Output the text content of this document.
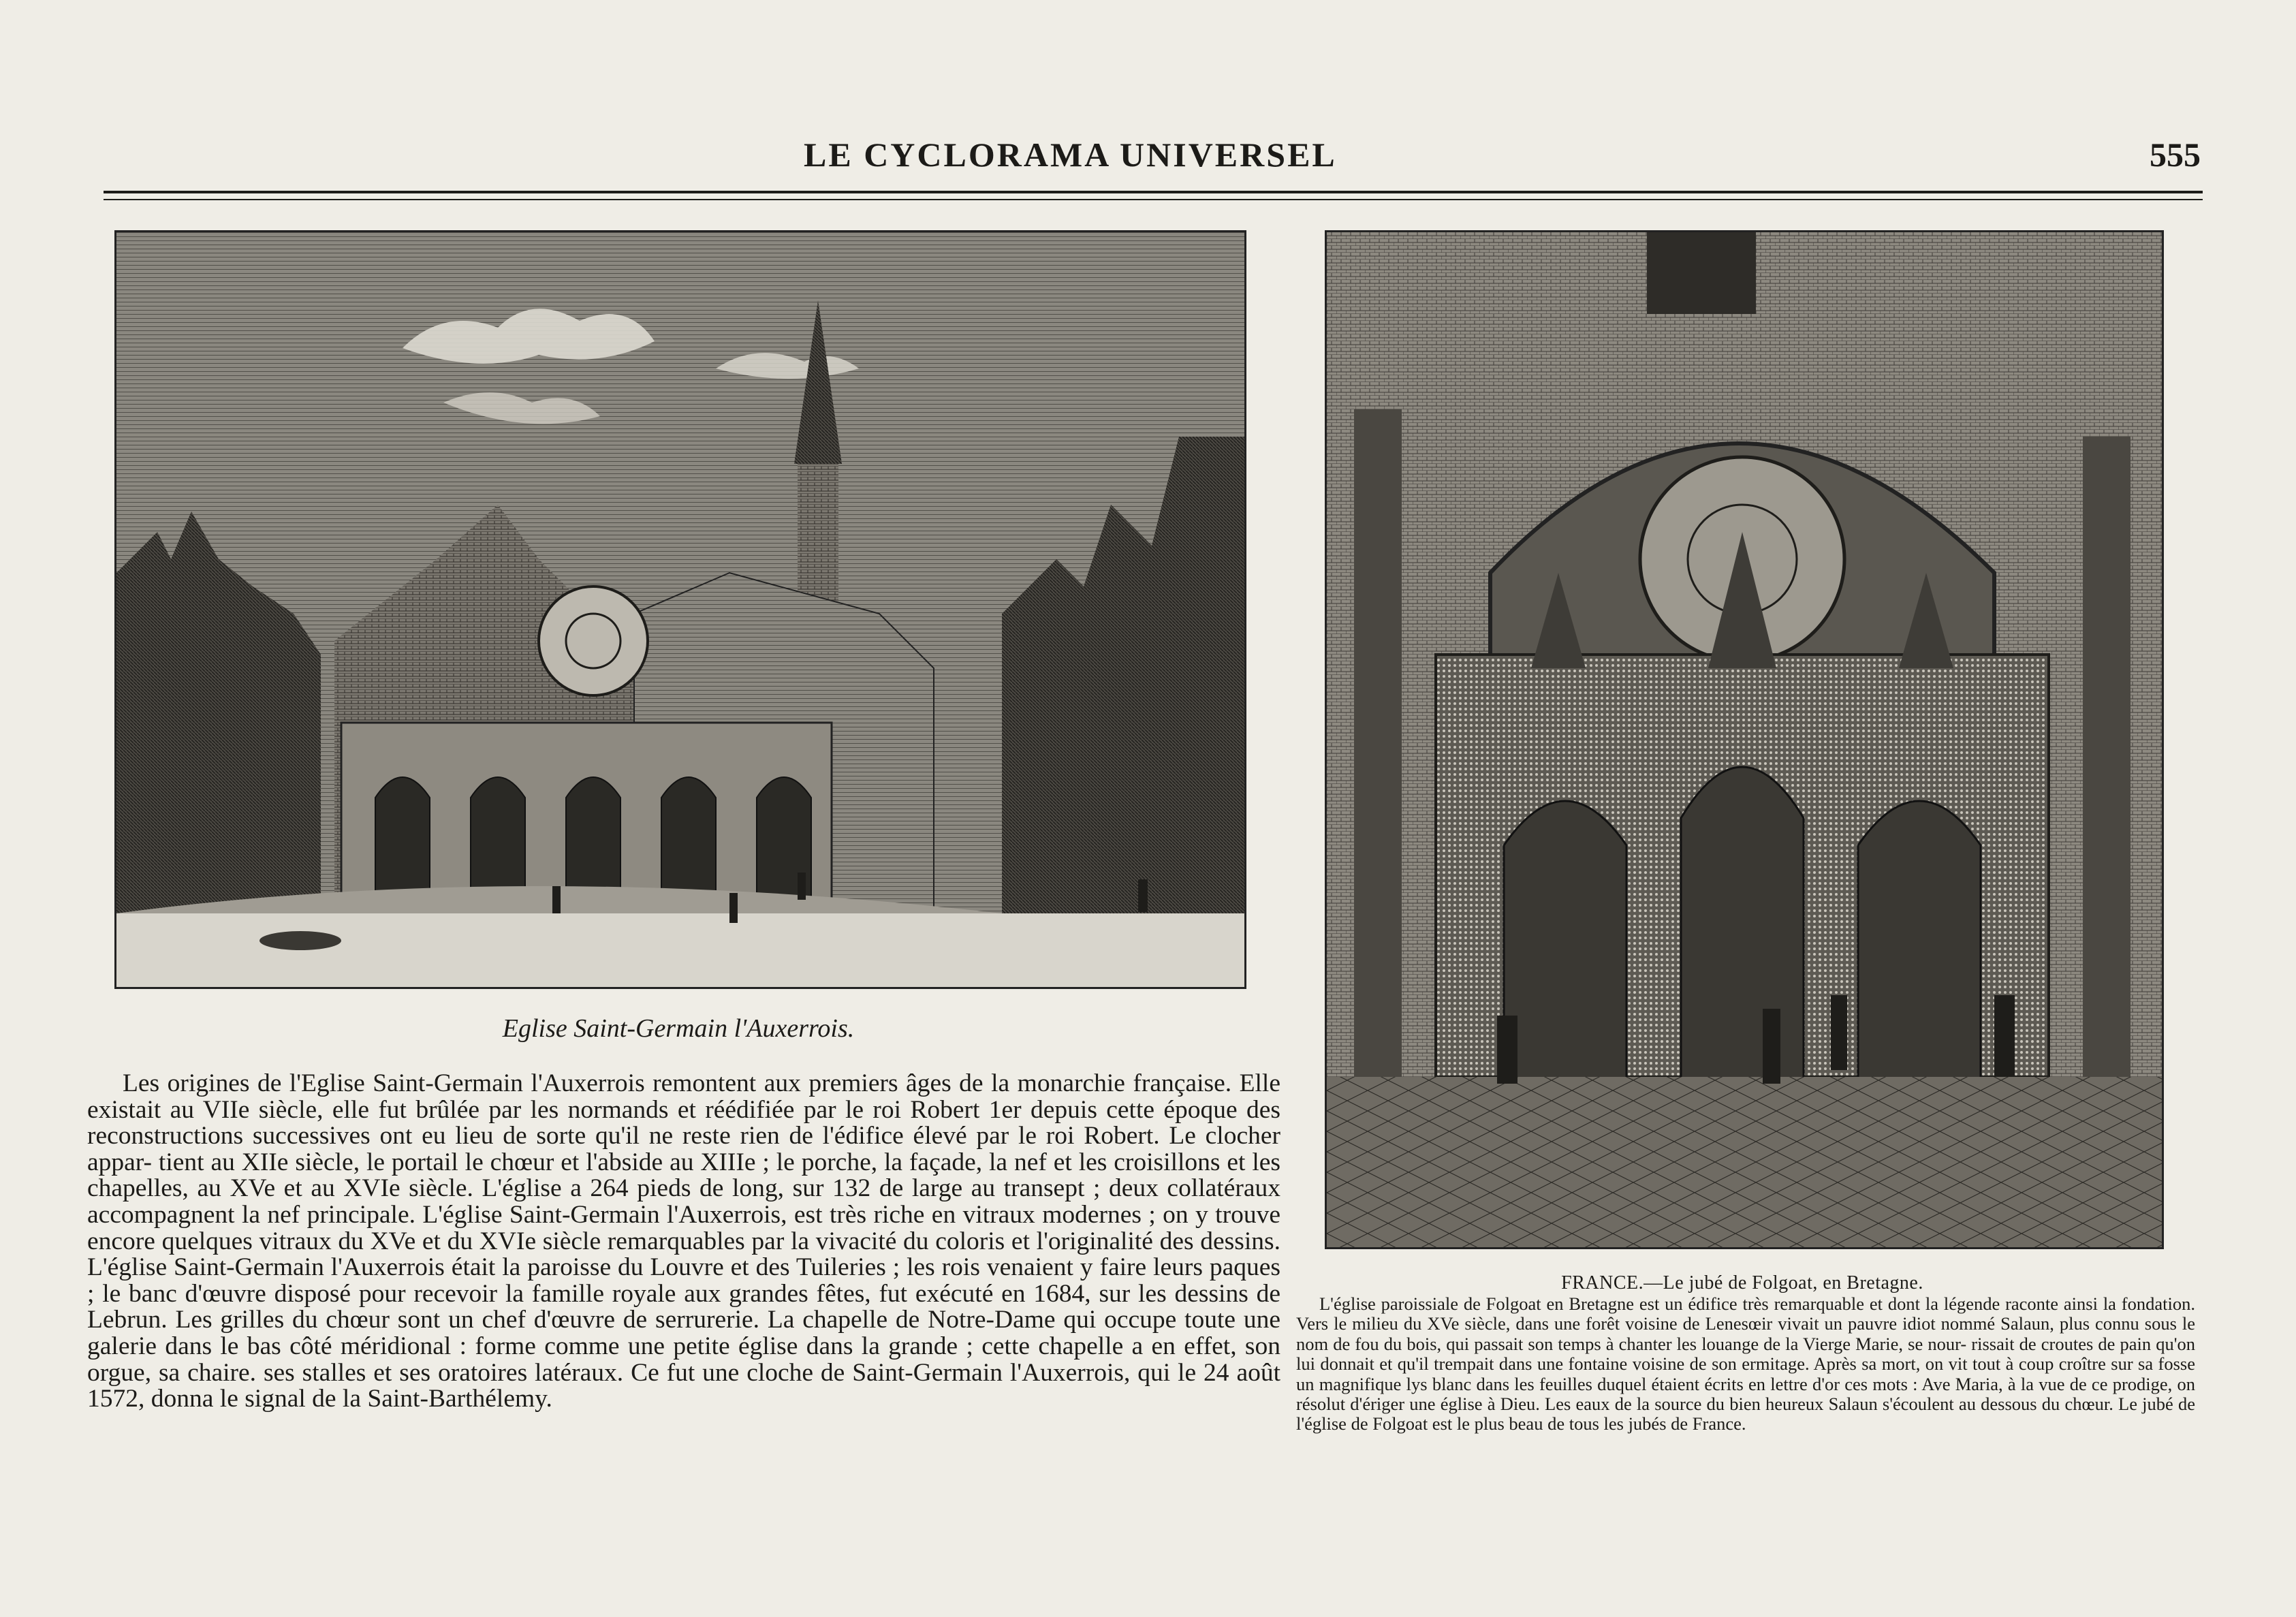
LE CYCLORAMA UNIVERSEL	555
Eglise Saint-Germain l'Auxerrois.
FRANCE.—Le jubé de Folgoat, en Bretagne.

Les origines de l'Eglise Saint-Germain l'Auxerrois remontent aux premiers âges de la monarchie française. Elle existait au VIIe siècle, elle fut brûlée par les normands et réédifiée par le roi Robert 1er depuis cette époque des reconstructions successives ont eu lieu de sorte qu'il ne reste rien de l'édifice élevé par le roi Robert. Le clocher appar- tient au XIIe siècle, le portail le chœur et l'abside au XIIIe ; le porche, la façade, la nef et les croisillons et les chapelles, au XVe et au XVIe siècle. L'église a 264 pieds de long, sur 132 de large au transept ; deux collatéraux accompagnent la nef principale. L'église Saint-Germain l'Auxerrois, est très riche en vitraux modernes ; on y trouve encore quelques vitraux du XVe et du XVIe siècle remarquables par la vivacité du coloris et l'originalité des dessins. L'église Saint-Germain l'Auxerrois était la paroisse du Louvre et des Tuileries ; les rois venaient y faire leurs paques ; le banc d'œuvre disposé pour recevoir la famille royale aux grandes fêtes, fut exécuté en 1684, sur les dessins de Lebrun. Les grilles du chœur sont un chef d'œuvre de serrurerie. La chapelle de Notre-Dame qui occupe toute une galerie dans le bas côté méridional : forme comme une petite église dans la grande ; cette chapelle a en effet, son orgue, sa chaire. ses stalles et ses oratoires latéraux. Ce fut une cloche de Saint-Germain l'Auxerrois, qui le 24 août 1572, donna le signal de la Saint-Barthélemy.

L'église paroissiale de Folgoat en Bretagne est un édifice très remarquable et dont la légende raconte ainsi la fondation. Vers le milieu du XVe siècle, dans une forêt voisine de Lenesœir vivait un pauvre idiot nommé Salaun, plus connu sous le nom de fou du bois, qui passait son temps à chanter les louange de la Vierge Marie, se nour- rissait de croutes de pain qu'on lui donnait et qu'il trempait dans une fontaine voisine de son ermitage. Après sa mort, on vit tout à coup croître sur sa fosse un magnifique lys blanc dans les feuilles duquel étaient écrits en lettre d'or ces mots : Ave Maria, à la vue de ce prodige, on résolut d'ériger une église à Dieu. Les eaux de la source du bien heureux Salaun s'écoulent au dessous du chœur. Le jubé de l'église de Folgoat est le plus beau de tous les jubés de France.
